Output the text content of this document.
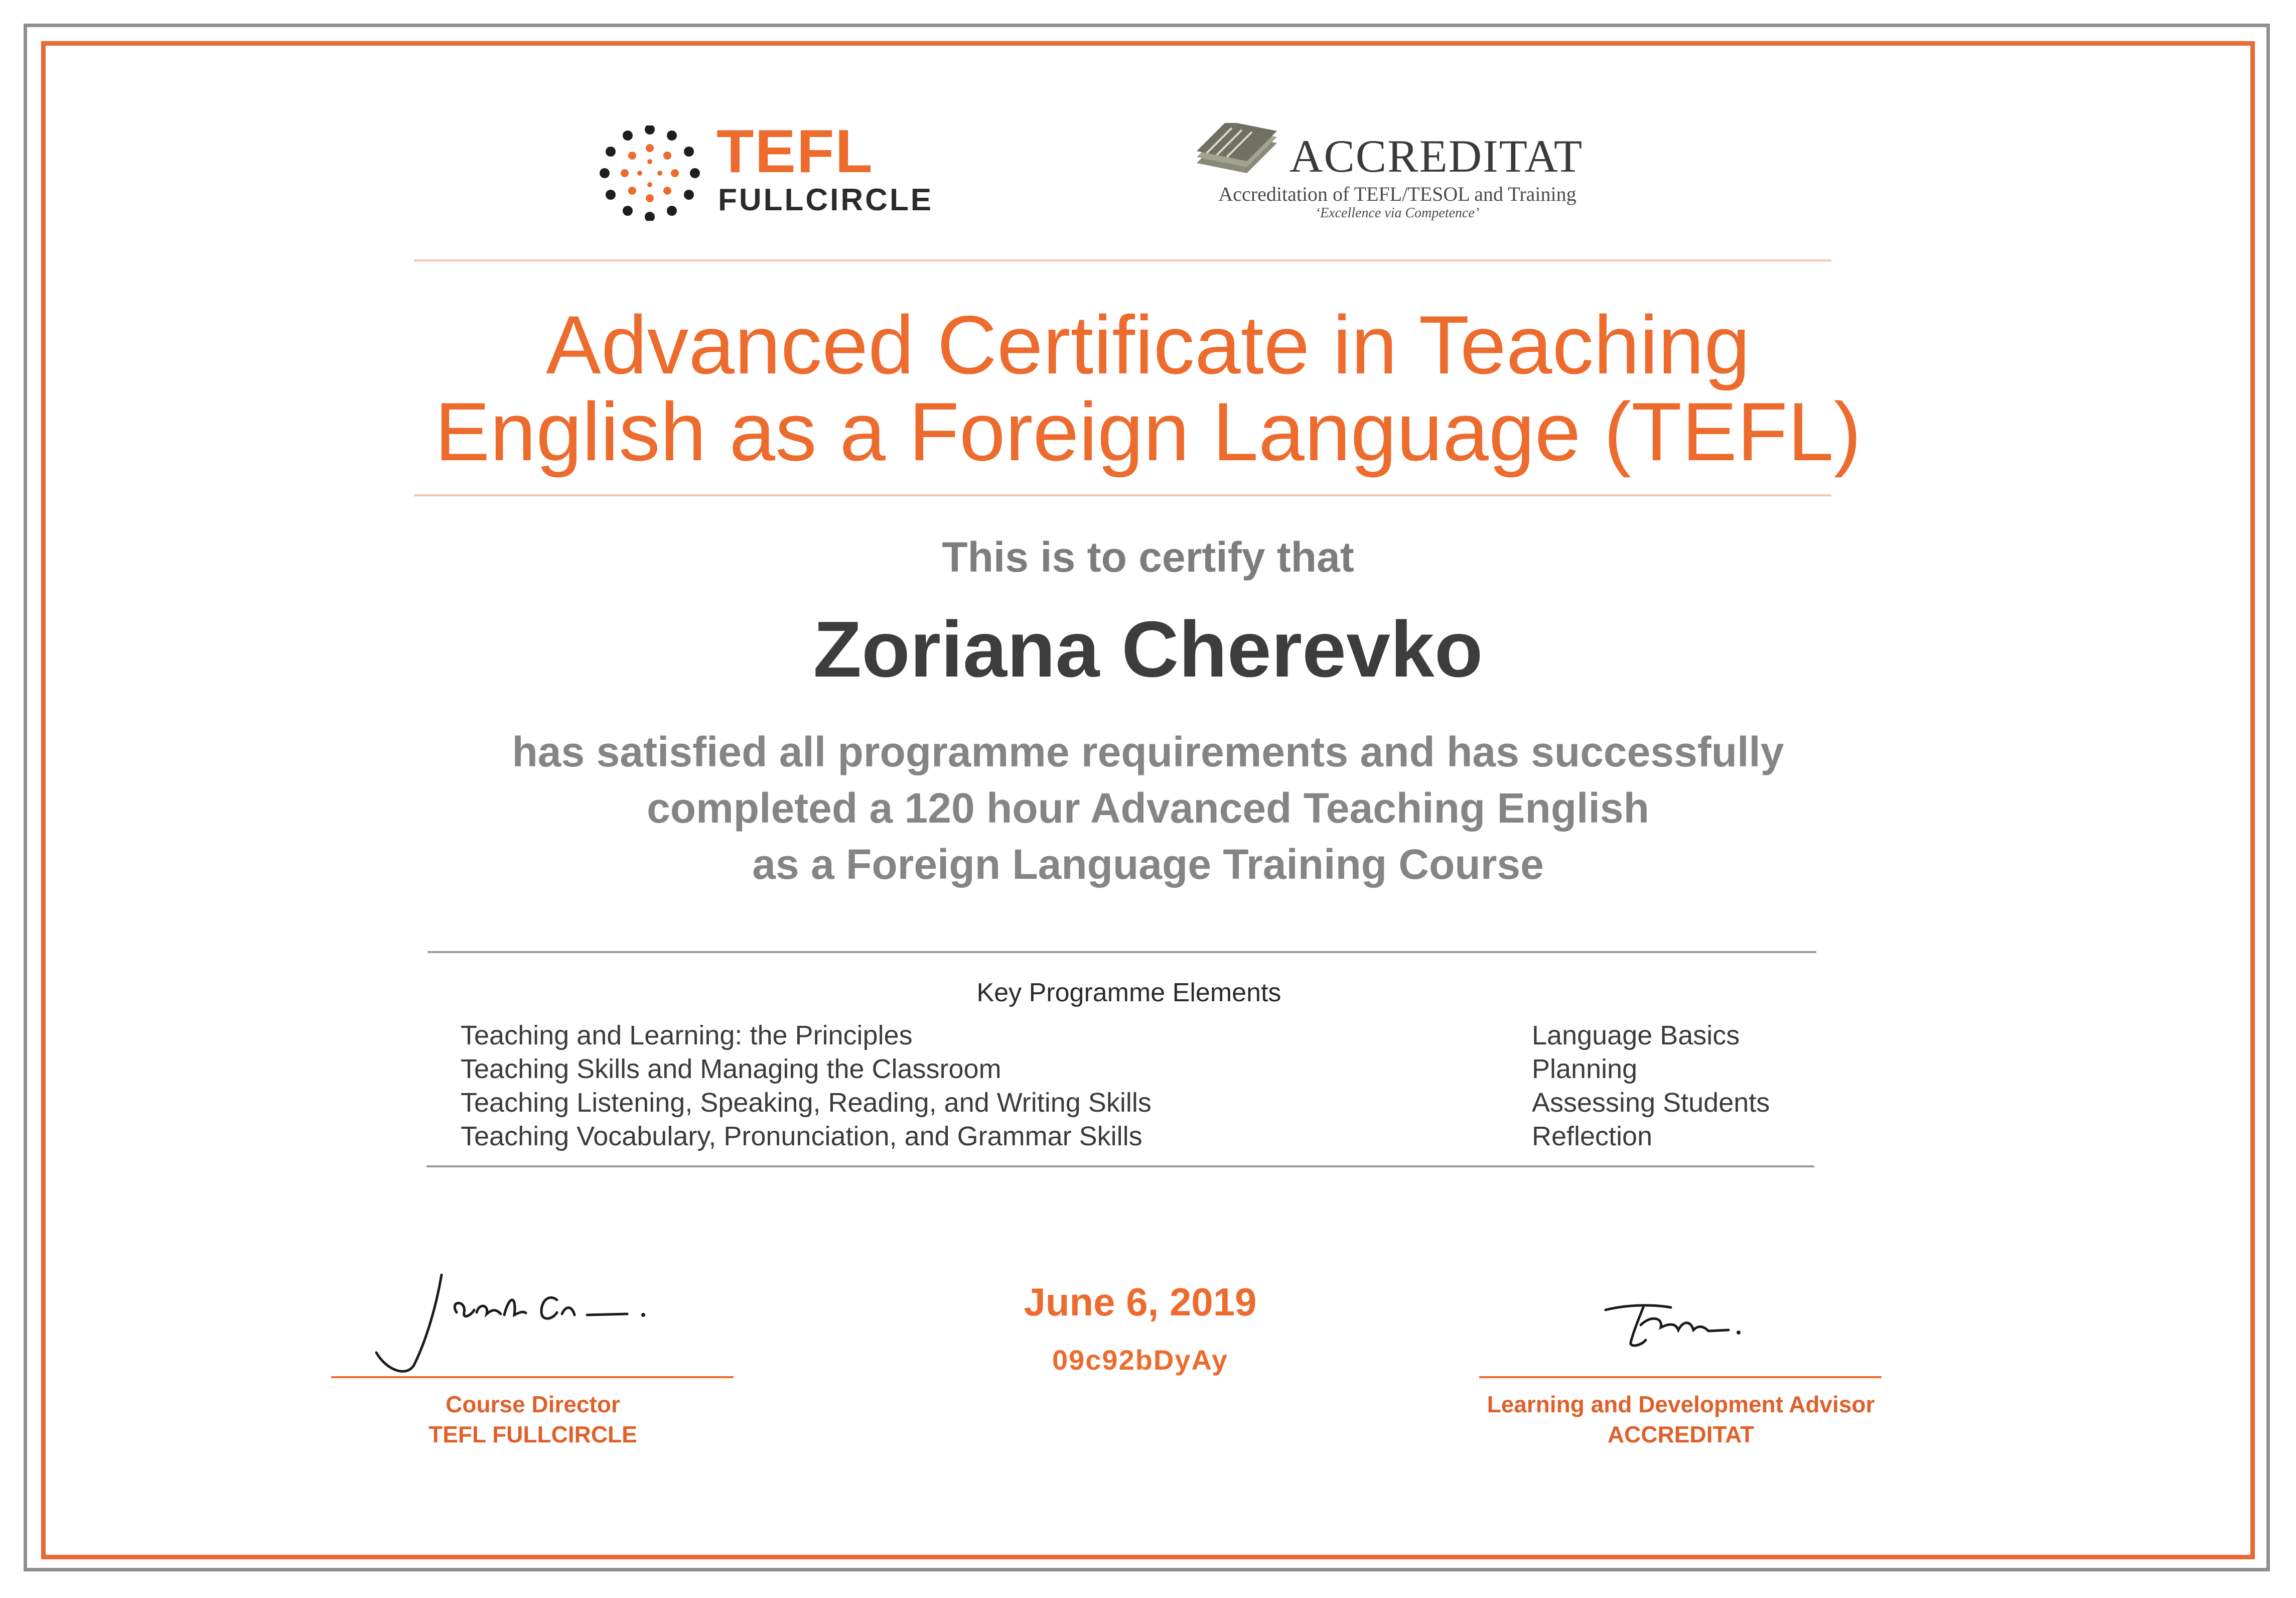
TEFL
FULLCIRCLE
ACCREDITAT
Accreditation of TEFL/TESOL and Training
‘Excellence via Competence’
Advanced Certificate in Teaching
English as a Foreign Language (TEFL)
This is to certify that
Zoriana Cherevko
has satisfied all programme requirements and has successfully
completed a 120 hour Advanced Teaching English
as a Foreign Language Training Course
Key Programme Elements
Teaching and Learning: the Principles
Teaching Skills and Managing the Classroom
Teaching Listening, Speaking, Reading, and Writing Skills
Teaching Vocabulary, Pronunciation, and Grammar Skills
Language Basics
Planning
Assessing Students
Reflection
Course Director
TEFL FULLCIRCLE
June 6, 2019
09c92bDyAy
Learning and Development Advisor
ACCREDITAT
